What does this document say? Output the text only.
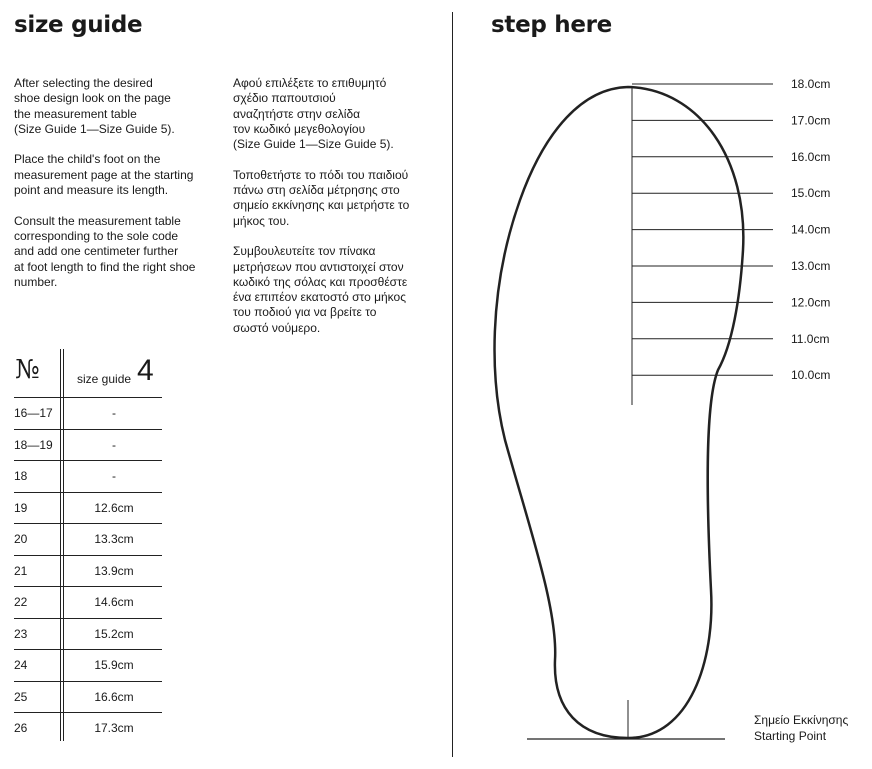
size guide	step here

After selecting the desired
shoe design look on the page
the measurement table
(Size Guide 1—Size Guide 5).

Place the child's foot on the
measurement page at the starting
point and measure its length.

Consult the measurement table
corresponding to the sole code
and add one centimeter further
at foot length to find the right shoe
number.

Αφού επιλέξετε το επιθυμητό
σχέδιο παπουτσιού
αναζητήστε στην σελίδα
τον κωδικό μεγεθολογίου
(Size Guide 1—Size Guide 5).

Τοποθετήστε το πόδι του παιδιού
πάνω στη σελίδα μέτρησης στο
σημείο εκκίνησης και μετρήστε το
μήκος του.

Συμβουλευτείτε τον πίνακα
μετρήσεων που αντιστοιχεί στον
κωδικό της σόλας και προσθέστε
ένα επιπέον εκατοστό στο μήκος
του ποδιού για να βρείτε το
σωστό νούμερο.

№	size guide 4
16—17	-
18—19	-
18	-
19	12.6cm
20	13.3cm
21	13.9cm
22	14.6cm
23	15.2cm
24	15.9cm
25	16.6cm
26	17.3cm
18.0cm
17.0cm
16.0cm
15.0cm
14.0cm
13.0cm
12.0cm
11.0cm
10.0cm
Σημείο Εκκίνησης
Starting Point
